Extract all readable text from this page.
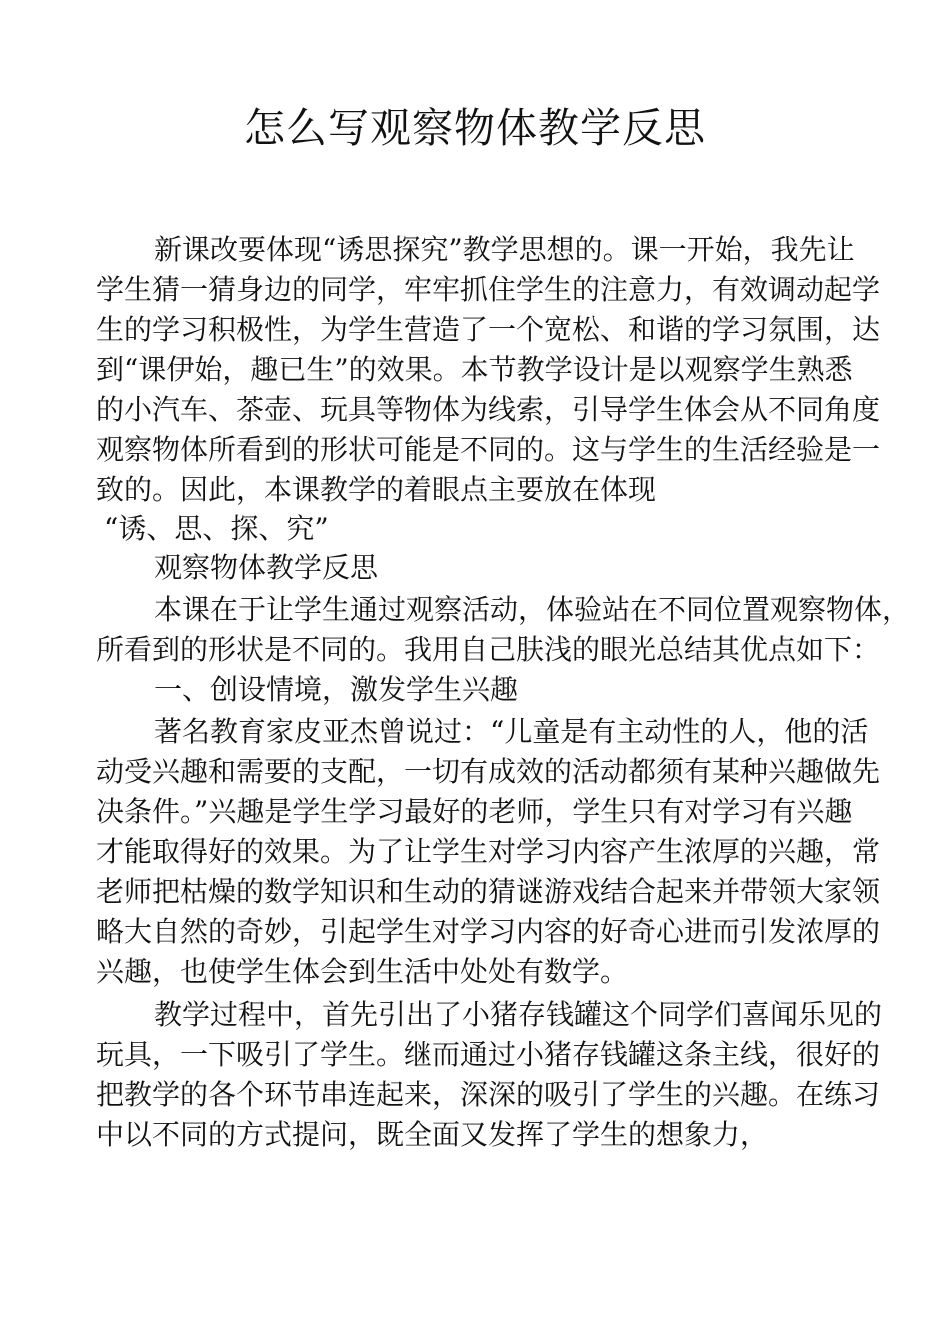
怎么写观察物体教学反思
新课改要体现“诱思探究”教学思想的。课一开始，我先让
学生猜一猜身边的同学，牢牢抓住学生的注意力，有效调动起学
生的学习积极性，为学生营造了一个宽松、和谐的学习氛围，达
到“课伊始，趣已生”的效果。本节教学设计是以观察学生熟悉
的小汽车、茶壶、玩具等物体为线索，引导学生体会从不同角度
观察物体所看到的形状可能是不同的。这与学生的生活经验是一
致的。因此，本课教学的着眼点主要放在体现
“诱、思、探、究”
观察物体教学反思
本课在于让学生通过观察活动，体验站在不同位置观察物体，
所看到的形状是不同的。我用自己肤浅的眼光总结其优点如下：
一、创设情境，激发学生兴趣
著名教育家皮亚杰曾说过：“儿童是有主动性的人，他的活
动受兴趣和需要的支配，一切有成效的活动都须有某种兴趣做先
决条件。”兴趣是学生学习最好的老师，学生只有对学习有兴趣
才能取得好的效果。为了让学生对学习内容产生浓厚的兴趣，常
老师把枯燥的数学知识和生动的猜谜游戏结合起来并带领大家领
略大自然的奇妙，引起学生对学习内容的好奇心进而引发浓厚的
兴趣，也使学生体会到生活中处处有数学。
教学过程中，首先引出了小猪存钱罐这个同学们喜闻乐见的
玩具，一下吸引了学生。继而通过小猪存钱罐这条主线，很好的
把教学的各个环节串连起来，深深的吸引了学生的兴趣。在练习
中以不同的方式提问，既全面又发挥了学生的想象力，
